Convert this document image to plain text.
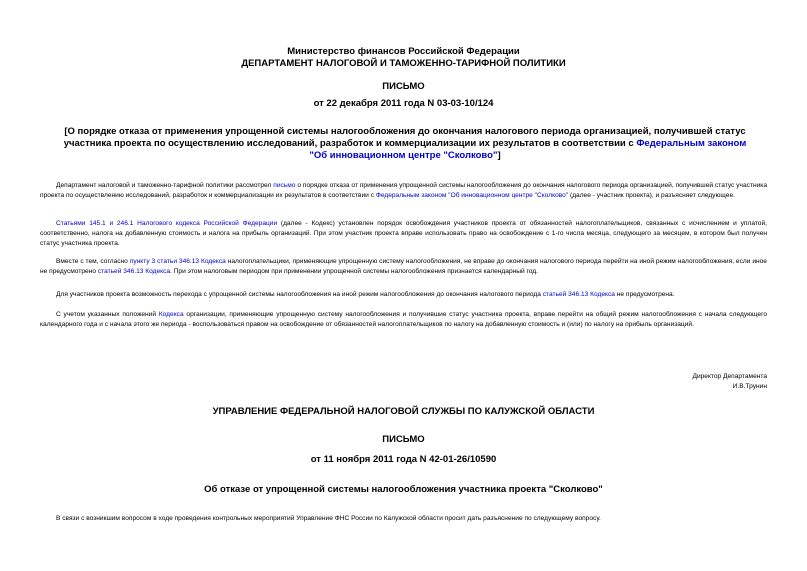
Министерство финансов Российской Федерации
ДЕПАРТАМЕНТ НАЛОГОВОЙ И ТАМОЖЕННО-ТАРИФНОЙ ПОЛИТИКИ
ПИСЬМО
от 22 декабря 2011 года N 03-03-10/124
[О порядке отказа от применения упрощенной системы налогообложения до окончания налогового периода организацией, получившей статус участника проекта по осуществлению исследований, разработок и коммерциализации их результатов в соответствии с Федеральным законом "Об инновационном центре "Сколково"]
Департамент налоговой и таможенно-тарифной политики рассмотрел письмо о порядке отказа от применения упрощенной системы налогообложения до окончания налогового периода организацией, получившей статус участника проекта по осуществлению исследований, разработок и коммерциализации их результатов в соответствии с Федеральным законом "Об инновационном центре "Сколково" (далее - участник проекта), и разъясняет следующее.
Статьями 145.1 и 246.1 Налогового кодекса Российской Федерации (далее - Кодекс) установлен порядок освобождения участников проекта от обязанностей налогоплательщиков, связанных с исчислением и уплатой, соответственно, налога на добавленную стоимость и налога на прибыль организаций. При этом участник проекта вправе использовать право на освобождение с 1-го числа месяца, следующего за месяцем, в котором был получен статус участника проекта.
Вместе с тем, согласно пункту 3 статьи 346.13 Кодекса налогоплательщики, применяющие упрощенную систему налогообложения, не вправе до окончания налогового периода перейти на иной режим налогообложения, если иное не предусмотрено статьей 346.13 Кодекса. При этом налоговым периодом при применении упрощенной системы налогообложения признается календарный год.
Для участников проекта возможность перехода с упрощенной системы налогообложения на иной режим налогообложения до окончания налогового периода статьей 346.13 Кодекса не предусмотрена.
С учетом указанных положений Кодекса организации, применяющие упрощенную систему налогообложения и получившие статус участника проекта, вправе перейти на общий режим налогообложения с начала следующего календарного года и с начала этого же периода - воспользоваться правом на освобождение от обязанностей налогоплательщиков по налогу на добавленную стоимость и (или) по налогу на прибыль организаций.
Директор Департамента
И.В.Трунин
УПРАВЛЕНИЕ ФЕДЕРАЛЬНОЙ НАЛОГОВОЙ СЛУЖБЫ ПО КАЛУЖСКОЙ ОБЛАСТИ
ПИСЬМО
от 11 ноября 2011 года N 42-01-26/10590
Об отказе от упрощенной системы налогообложения участника проекта "Сколково"
В связи с возникшим вопросом в ходе проведения контрольных мероприятий Управление ФНС России по Калужской области просит дать разъяснение по следующему вопросу.
